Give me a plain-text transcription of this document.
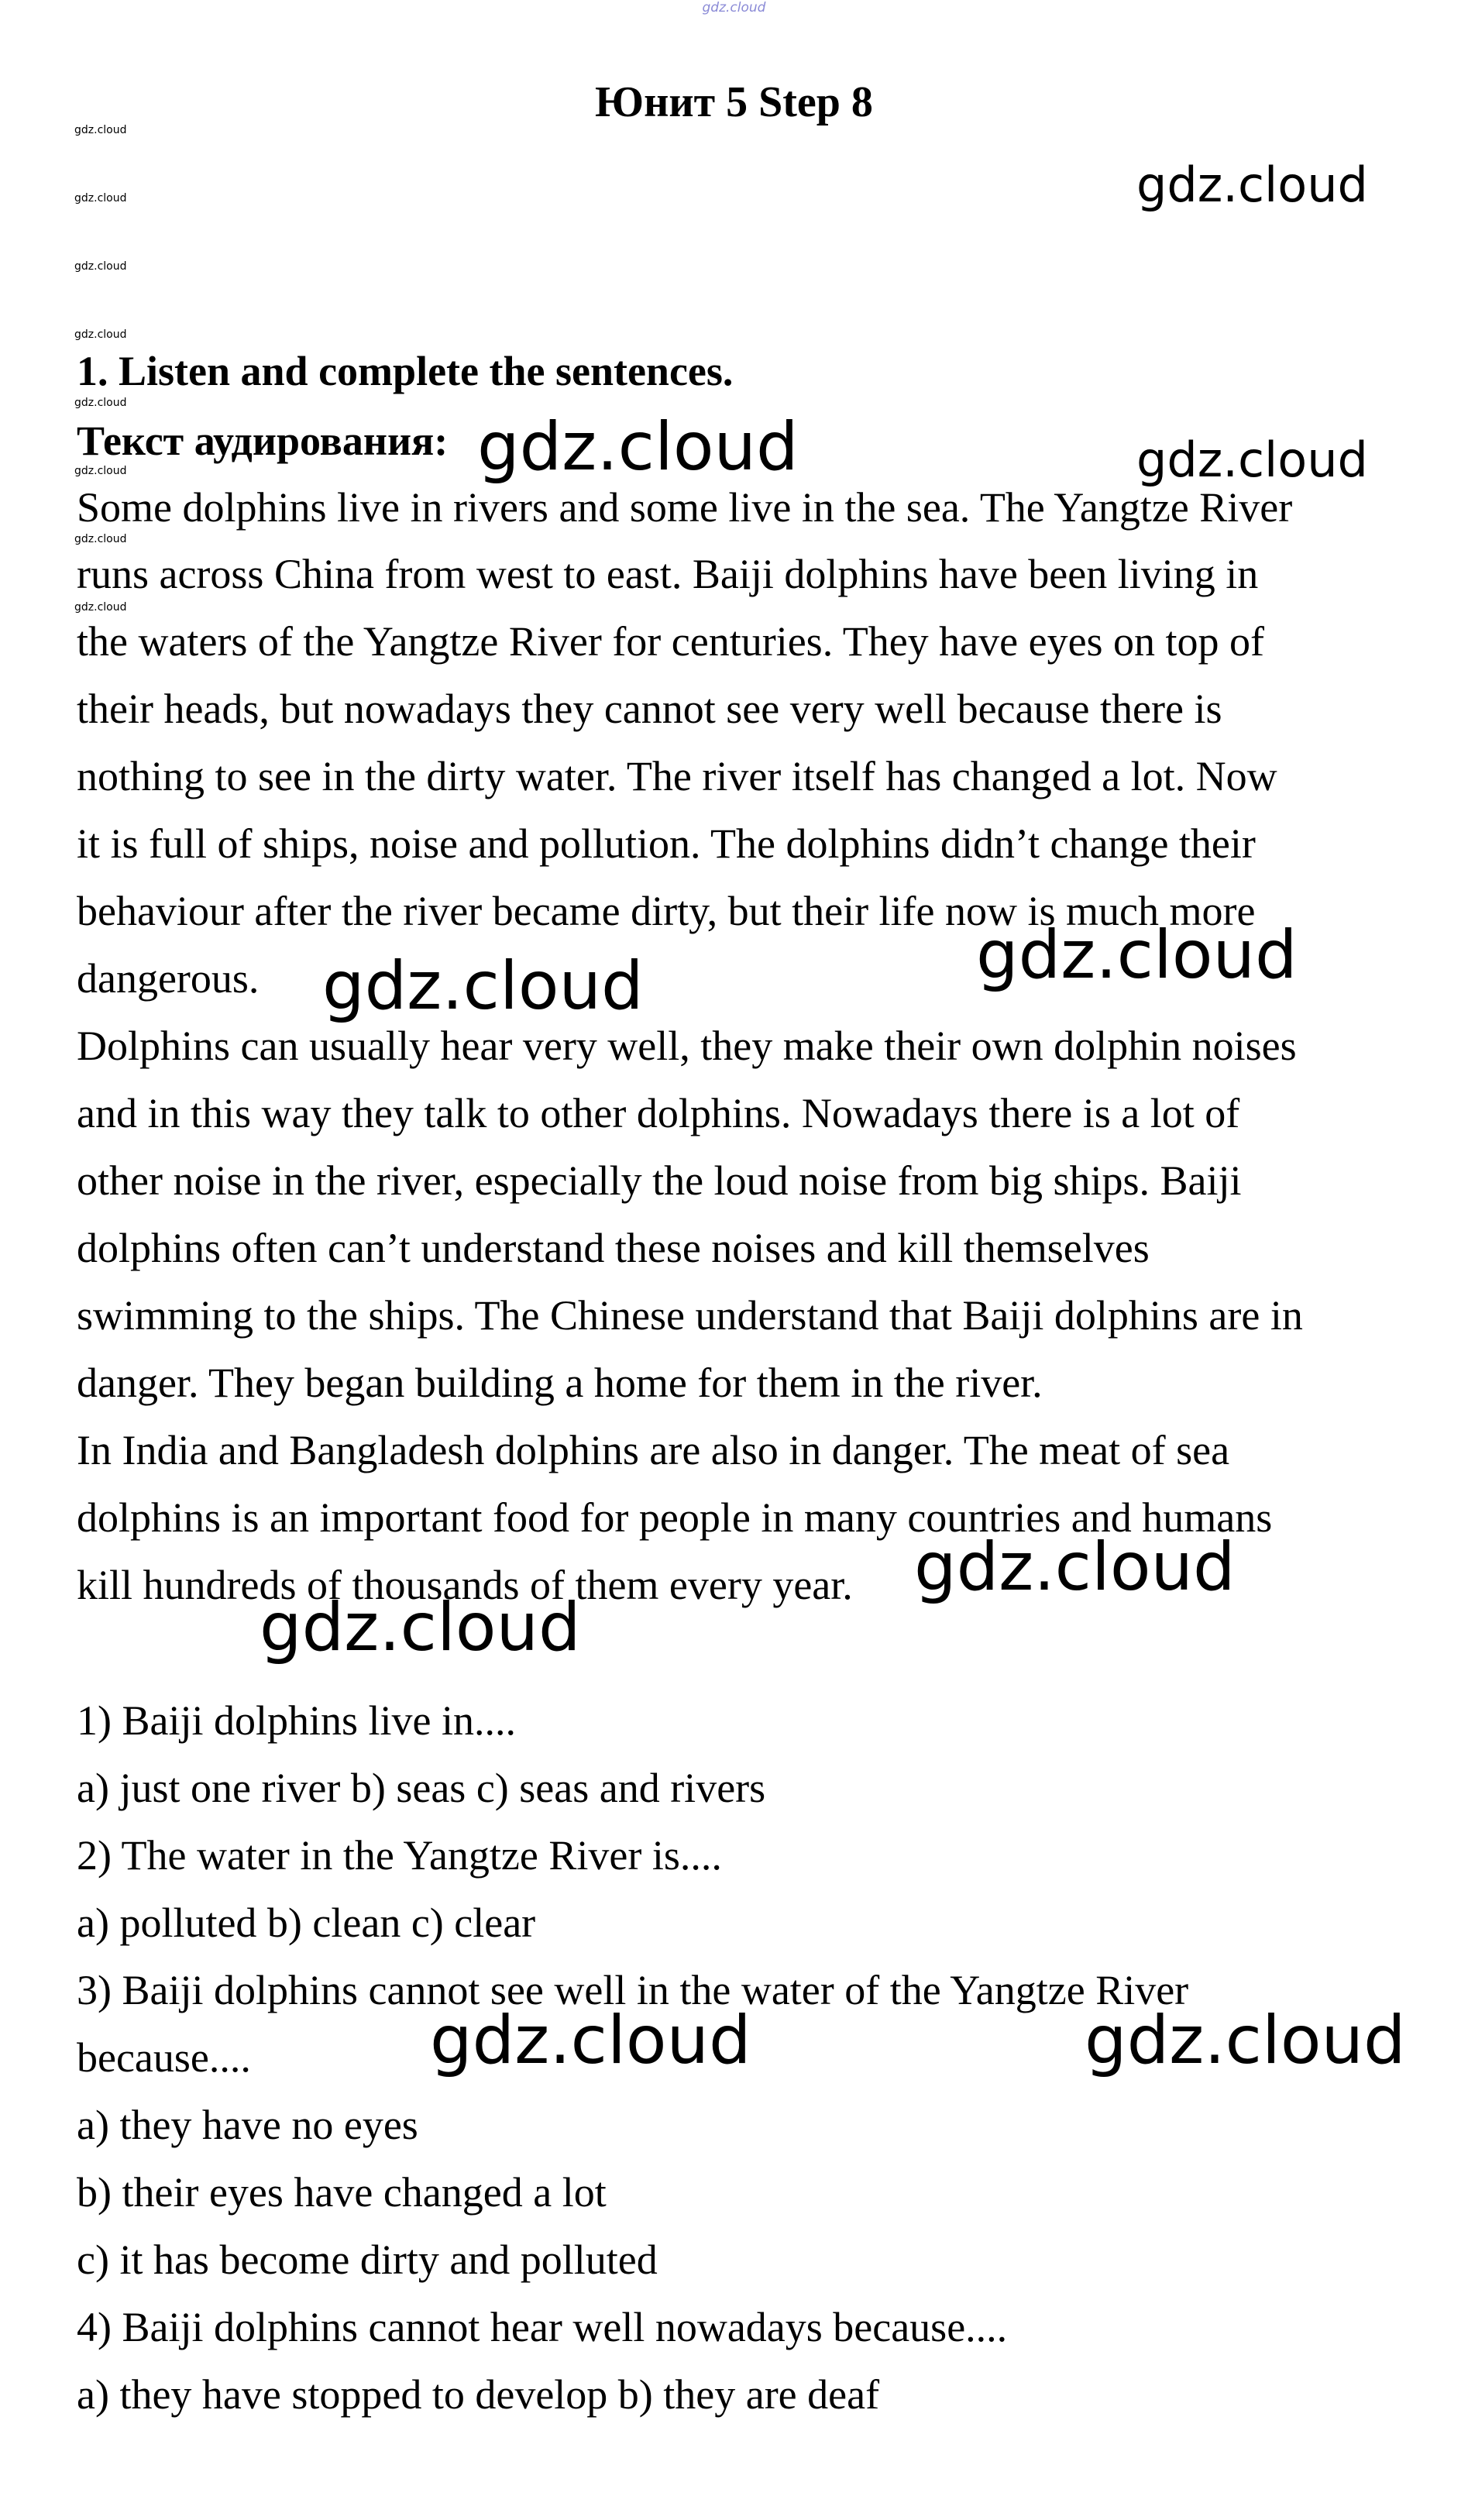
gdz.cloud
Юнит 5 Step 8
gdz.cloud
gdz.cloud
gdz.cloud
gdz.cloud
gdz.cloud
gdz.cloud
gdz.cloud
gdz.cloud
1. Listen and complete the sentences.
Текст аудирования:
Some dolphins live in rivers and some live in the sea. The Yangtze River
runs across China from west to east. Baiji dolphins have been living in
the waters of the Yangtze River for centuries. They have eyes on top of
their heads, but nowadays they cannot see very well because there is
nothing to see in the dirty water. The river itself has changed a lot. Now
it is full of ships, noise and pollution. The dolphins didn’t change their
behaviour after the river became dirty, but their life now is much more
dangerous.
Dolphins can usually hear very well, they make their own dolphin noises
and in this way they talk to other dolphins. Nowadays there is a lot of
other noise in the river, especially the loud noise from big ships. Baiji
dolphins often can’t understand these noises and kill themselves
swimming to the ships. The Chinese understand that Baiji dolphins are in
danger. They began building a home for them in the river.
In India and Bangladesh dolphins are also in danger. The meat of sea
dolphins is an important food for people in many countries and humans
kill hundreds of thousands of them every year.
1) Baiji dolphins live in....
a) just one river b) seas c) seas and rivers
2) The water in the Yangtze River is....
a) polluted b) clean c) clear
3) Baiji dolphins cannot see well in the water of the Yangtze River
because....
a) they have no eyes
b) their eyes have changed a lot
c) it has become dirty and polluted
4) Baiji dolphins cannot hear well nowadays because....
a) they have stopped to develop b) they are deaf
gdz.cloud
gdz.cloud	gdz.cloud
gdz.cloud
gdz.cloud
gdz.cloud
gdz.cloud
gdz.cloud	gdz.cloud
